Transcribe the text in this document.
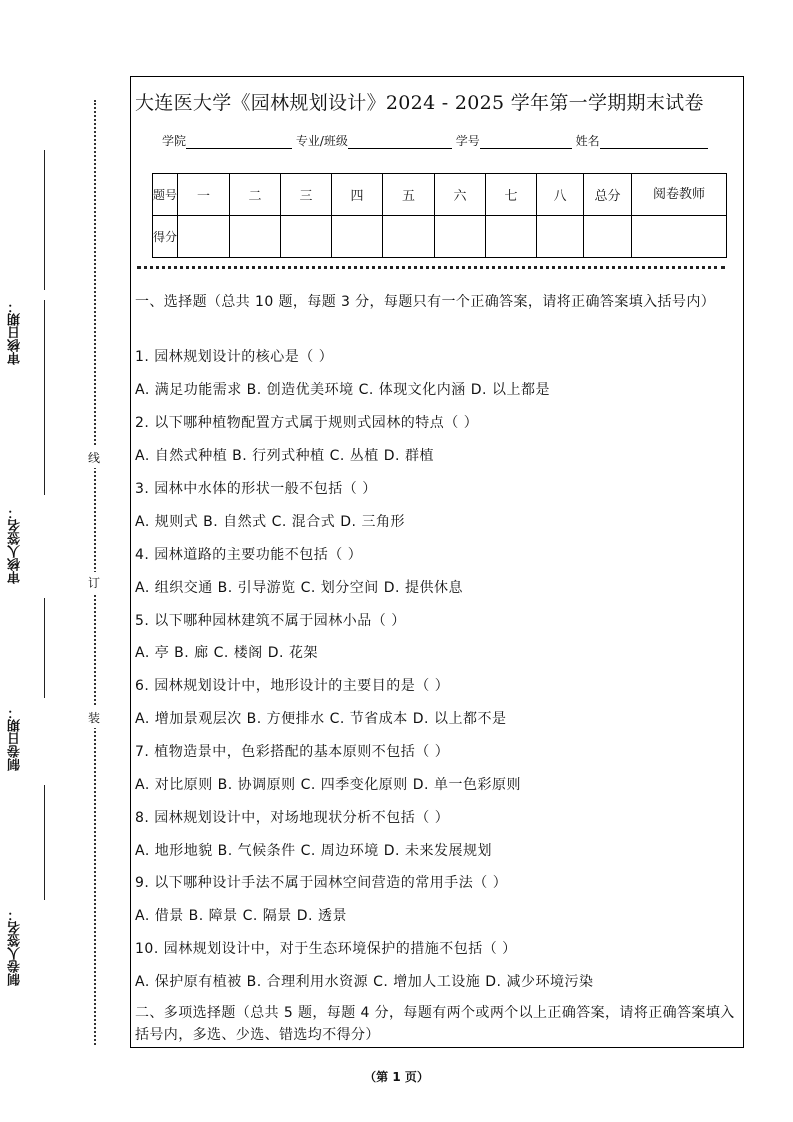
审核日期：
审核人签名：
制卷日期：
制卷人签名：
线
订
装
大连医大学《园林规划设计》2024 - 2025 学年第一学期期末试卷
学院	专业/班级	学号	姓名
题号	一	二	三	四	五	六	七	八	总分	阅卷教师
得分										
一、选择题（总共 10 题，每题 3 分，每题只有一个正确答案，请将正确答案填入括号内）
1. 园林规划设计的核心是（ ）
A. 满足功能需求 B. 创造优美环境 C. 体现文化内涵 D. 以上都是
2. 以下哪种植物配置方式属于规则式园林的特点（ ）
A. 自然式种植 B. 行列式种植 C. 丛植 D. 群植
3. 园林中水体的形状一般不包括（ ）
A. 规则式 B. 自然式 C. 混合式 D. 三角形
4. 园林道路的主要功能不包括（ ）
A. 组织交通 B. 引导游览 C. 划分空间 D. 提供休息
5. 以下哪种园林建筑不属于园林小品（ ）
A. 亭 B. 廊 C. 楼阁 D. 花架
6. 园林规划设计中，地形设计的主要目的是（ ）
A. 增加景观层次 B. 方便排水 C. 节省成本 D. 以上都不是
7. 植物造景中，色彩搭配的基本原则不包括（ ）
A. 对比原则 B. 协调原则 C. 四季变化原则 D. 单一色彩原则
8. 园林规划设计中，对场地现状分析不包括（ ）
A. 地形地貌 B. 气候条件 C. 周边环境 D. 未来发展规划
9. 以下哪种设计手法不属于园林空间营造的常用手法（ ）
A. 借景 B. 障景 C. 隔景 D. 透景
10. 园林规划设计中，对于生态环境保护的措施不包括（ ）
A. 保护原有植被 B. 合理利用水资源 C. 增加人工设施 D. 减少环境污染
二、多项选择题（总共 5 题，每题 4 分，每题有两个或两个以上正确答案，请将正确答案填入括号内，多选、少选、错选均不得分）
（第 1 页）
